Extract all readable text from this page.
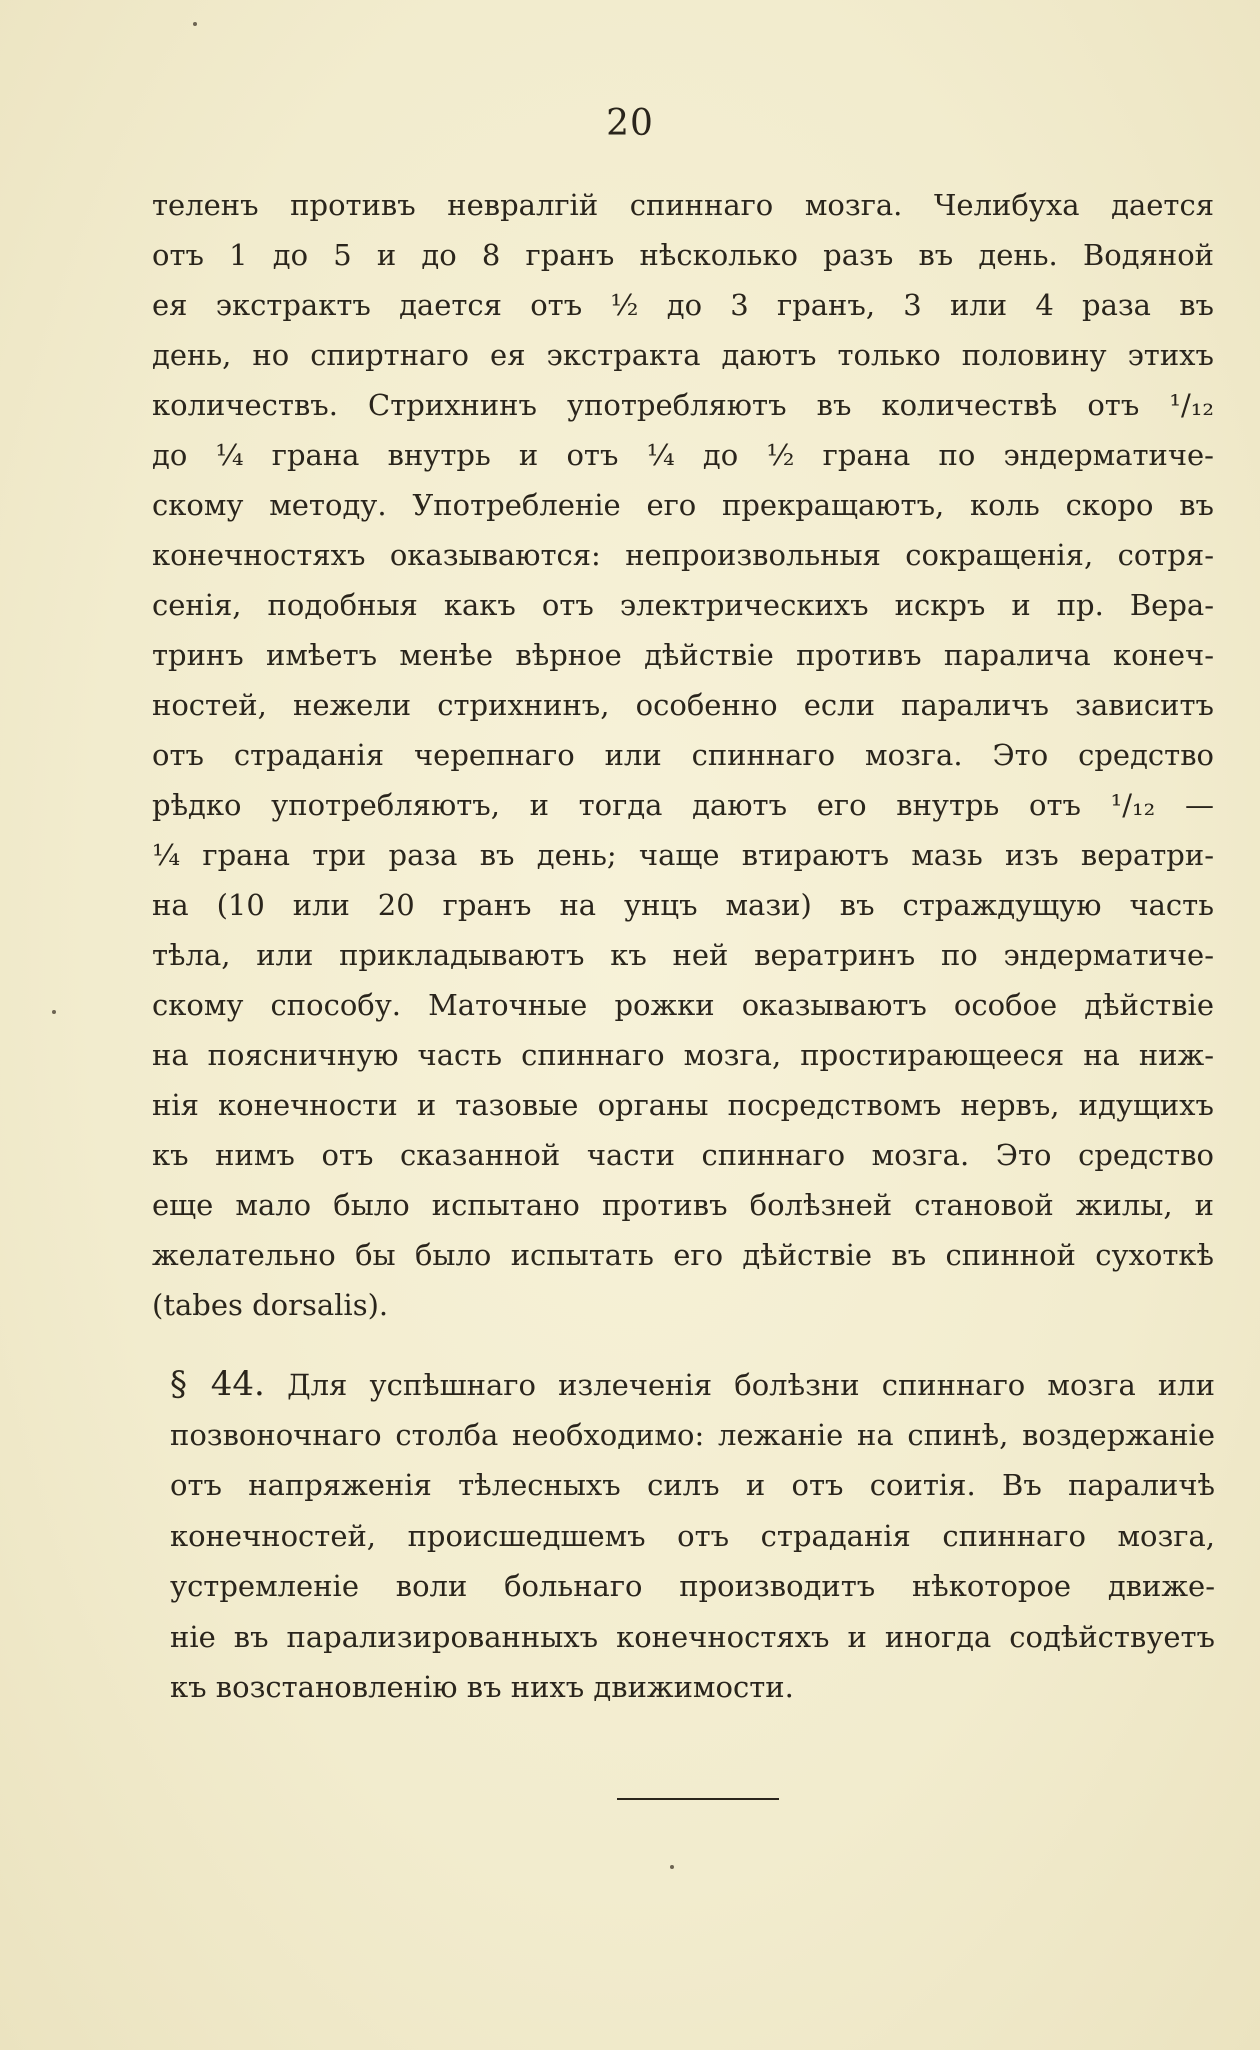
20
теленъ противъ невралгій спиннаго мозга. Челибуха дается
отъ 1 до 5 и до 8 гранъ нѣсколько разъ въ день. Водяной
ея экстрактъ дается отъ ½ до 3 гранъ, 3 или 4 раза въ
день, но спиртнаго ея экстракта даютъ только половину этихъ
количествъ. Стрихнинъ употребляютъ въ количествѣ отъ ¹/₁₂
до ¼ грана внутрь и отъ ¼ до ½ грана по эндерматиче-
скому методу. Употребленіе его прекращаютъ, коль скоро въ
конечностяхъ оказываются: непроизвольныя сокращенія, сотря-
сенія, подобныя какъ отъ электрическихъ искръ и пр. Вера-
тринъ имѣетъ менѣе вѣрное дѣйствіе противъ паралича конеч-
ностей, нежели стрихнинъ, особенно если параличъ зависитъ
отъ страданія черепнаго или спиннаго мозга. Это средство
рѣдко употребляютъ, и тогда даютъ его внутрь отъ ¹/₁₂ —
¼ грана три раза въ день; чаще втираютъ мазь изъ вератри-
на (10 или 20 гранъ на унцъ мази) въ страждущую часть
тѣла, или прикладываютъ къ ней вератринъ по эндерматиче-
скому способу. Маточные рожки оказываютъ особое дѣйствіе
на поясничную часть спиннаго мозга, простирающееся на ниж-
нія конечности и тазовые органы посредствомъ нервъ, идущихъ
къ нимъ отъ сказанной части спиннаго мозга. Это средство
еще мало было испытано противъ болѣзней становой жилы, и
желательно бы было испытать его дѣйствіе въ спинной сухоткѣ
(tabes dorsalis).
§ 44. Для успѣшнаго излеченія болѣзни спиннаго мозга или
позвоночнаго столба необходимо: лежаніе на спинѣ, воздержаніе
отъ напряженія тѣлесныхъ силъ и отъ соитія. Въ параличѣ
конечностей, происшедшемъ отъ страданія спиннаго мозга,
устремленіе воли больнаго производитъ нѣкоторое движе-
ніе въ парализированныхъ конечностяхъ и иногда содѣйствуетъ
къ возстановленію въ нихъ движимости.
